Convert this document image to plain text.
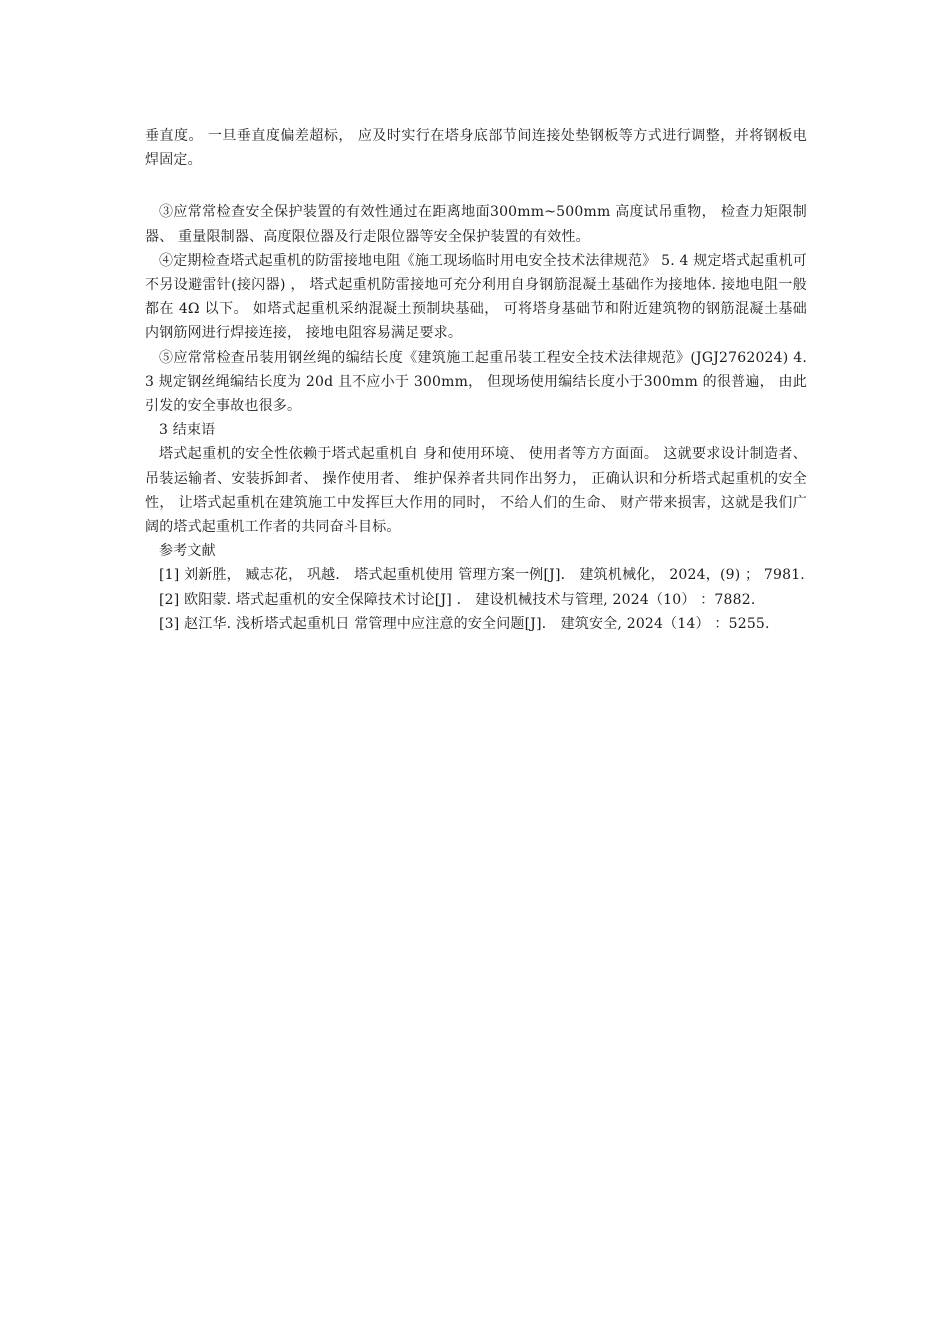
垂直度。 一旦垂直度偏差超标， 应及时实行在塔身底部节间连接处垫钢板等方式进行调整，并将钢板电焊固定。

③应常常检查安全保护装置的有效性通过在距离地面300mm~500mm 高度试吊重物， 检查力矩限制器、 重量限制器、高度限位器及行走限位器等安全保护装置的有效性。

④定期检查塔式起重机的防雷接地电阻《施工现场临时用电安全技术法律规范》 5. 4 规定塔式起重机可不另设避雷针(接闪器) ， 塔式起重机防雷接地可充分利用自身钢筋混凝土基础作为接地体. 接地电阻一般都在 4Ω 以下。 如塔式起重机采纳混凝土预制块基础， 可将塔身基础节和附近建筑物的钢筋混凝土基础内钢筋网进行焊接连接， 接地电阻容易满足要求。

⑤应常常检查吊装用钢丝绳的编结长度《建筑施工起重吊装工程安全技术法律规范》(JGJ2762024) 4. 3 规定钢丝绳编结长度为 20d 且不应小于 300mm， 但现场使用编结长度小于300mm 的很普遍， 由此引发的安全事故也很多。

3 结束语

塔式起重机的安全性依赖于塔式起重机自 身和使用环境、 使用者等方方面面。 这就要求设计制造者、 吊装运输者、安装拆卸者、 操作使用者、 维护保养者共同作出努力， 正确认识和分析塔式起重机的安全性， 让塔式起重机在建筑施工中发挥巨大作用的同时， 不给人们的生命、 财产带来损害，这就是我们广阔的塔式起重机工作者的共同奋斗目标。

参考文献

[1] 刘新胜， 臧志花， 巩越． 塔式起重机使用 管理方案一例[J]． 建筑机械化， 2024，(9) ； 7981.

[2] 欧阳蒙. 塔式起重机的安全保障技术讨论[J] ． 建设机械技术与管理, 2024（10） ：7882.

[3] 赵江华. 浅析塔式起重机日 常管理中应注意的安全问题[J]． 建筑安全, 2024（14） ：5255.
